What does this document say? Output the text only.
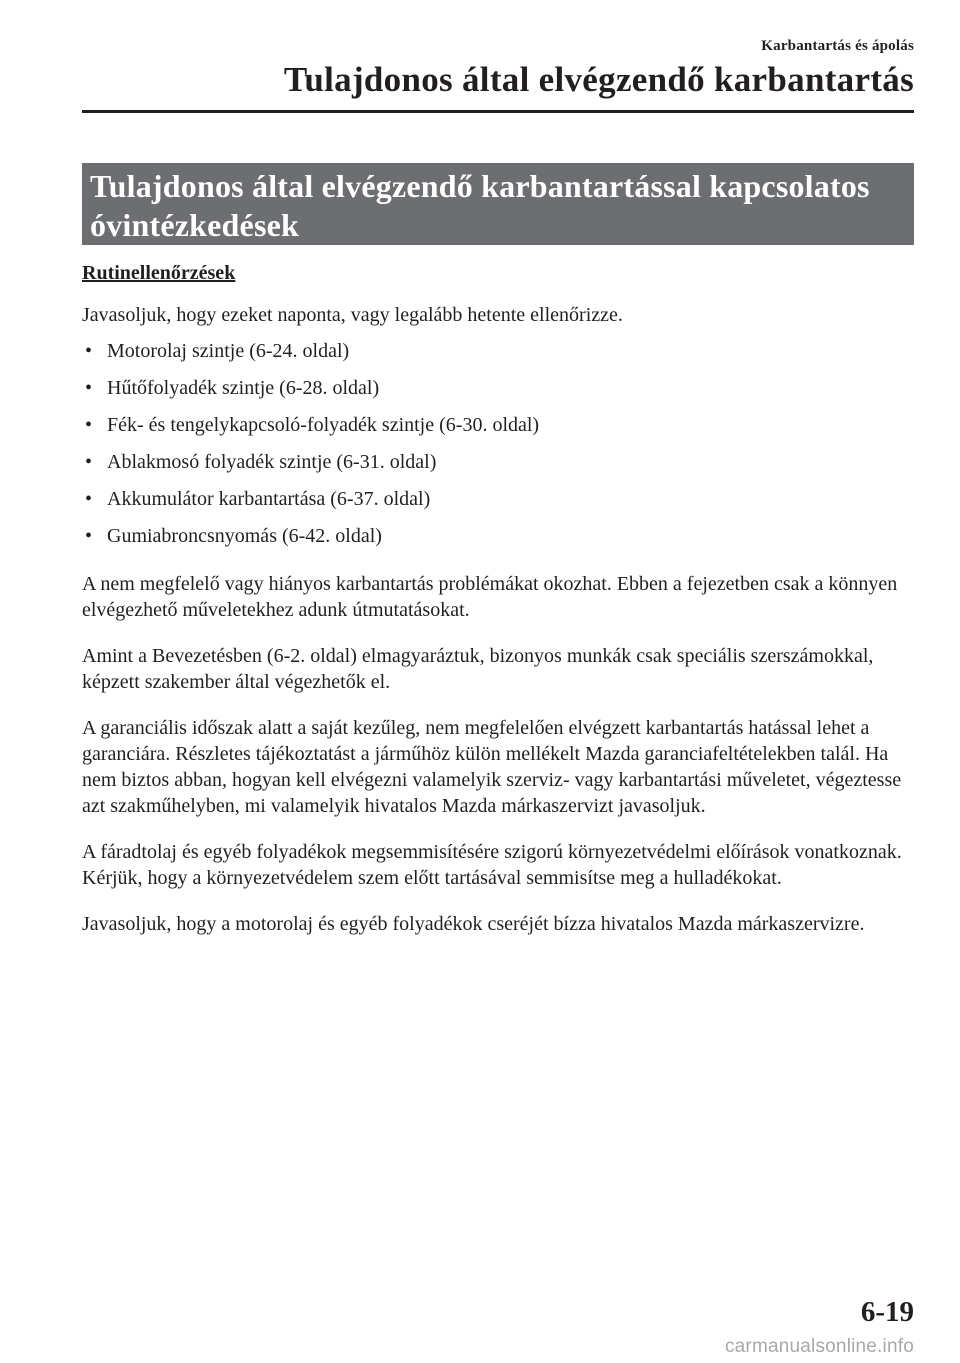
Karbantartás és ápolás
Tulajdonos által elvégzendő karbantartás
Tulajdonos által elvégzendő karbantartással kapcsolatos óvintézkedések
Rutinellenőrzések

Javasoljuk, hogy ezeket naponta, vagy legalább hetente ellenőrizze.

• Motorolaj szintje (6-24. oldal)
• Hűtőfolyadék szintje (6-28. oldal)
• Fék- és tengelykapcsoló-folyadék szintje (6-30. oldal)
• Ablakmosó folyadék szintje (6-31. oldal)
• Akkumulátor karbantartása (6-37. oldal)
• Gumiabroncsnyomás (6-42. oldal)

A nem megfelelő vagy hiányos karbantartás problémákat okozhat. Ebben a fejezetben csak a könnyen elvégezhető műveletekhez adunk útmutatásokat.

Amint a Bevezetésben (6-2. oldal) elmagyaráztuk, bizonyos munkák csak speciális szerszámokkal, képzett szakember által végezhetők el.

A garanciális időszak alatt a saját kezűleg, nem megfelelően elvégzett karbantartás hatással lehet a garanciára. Részletes tájékoztatást a járműhöz külön mellékelt Mazda garanciafeltételekben talál. Ha nem biztos abban, hogyan kell elvégezni valamelyik szerviz- vagy karbantartási műveletet, végeztesse azt szakműhelyben, mi valamelyik hivatalos Mazda márkaszervizt javasoljuk.

A fáradtolaj és egyéb folyadékok megsemmisítésére szigorú környezetvédelmi előírások vonatkoznak. Kérjük, hogy a környezetvédelem szem előtt tartásával semmisítse meg a hulladékokat.

Javasoljuk, hogy a motorolaj és egyéb folyadékok cseréjét bízza hivatalos Mazda márkaszervizre.

6-19
carmanualsonline.info
